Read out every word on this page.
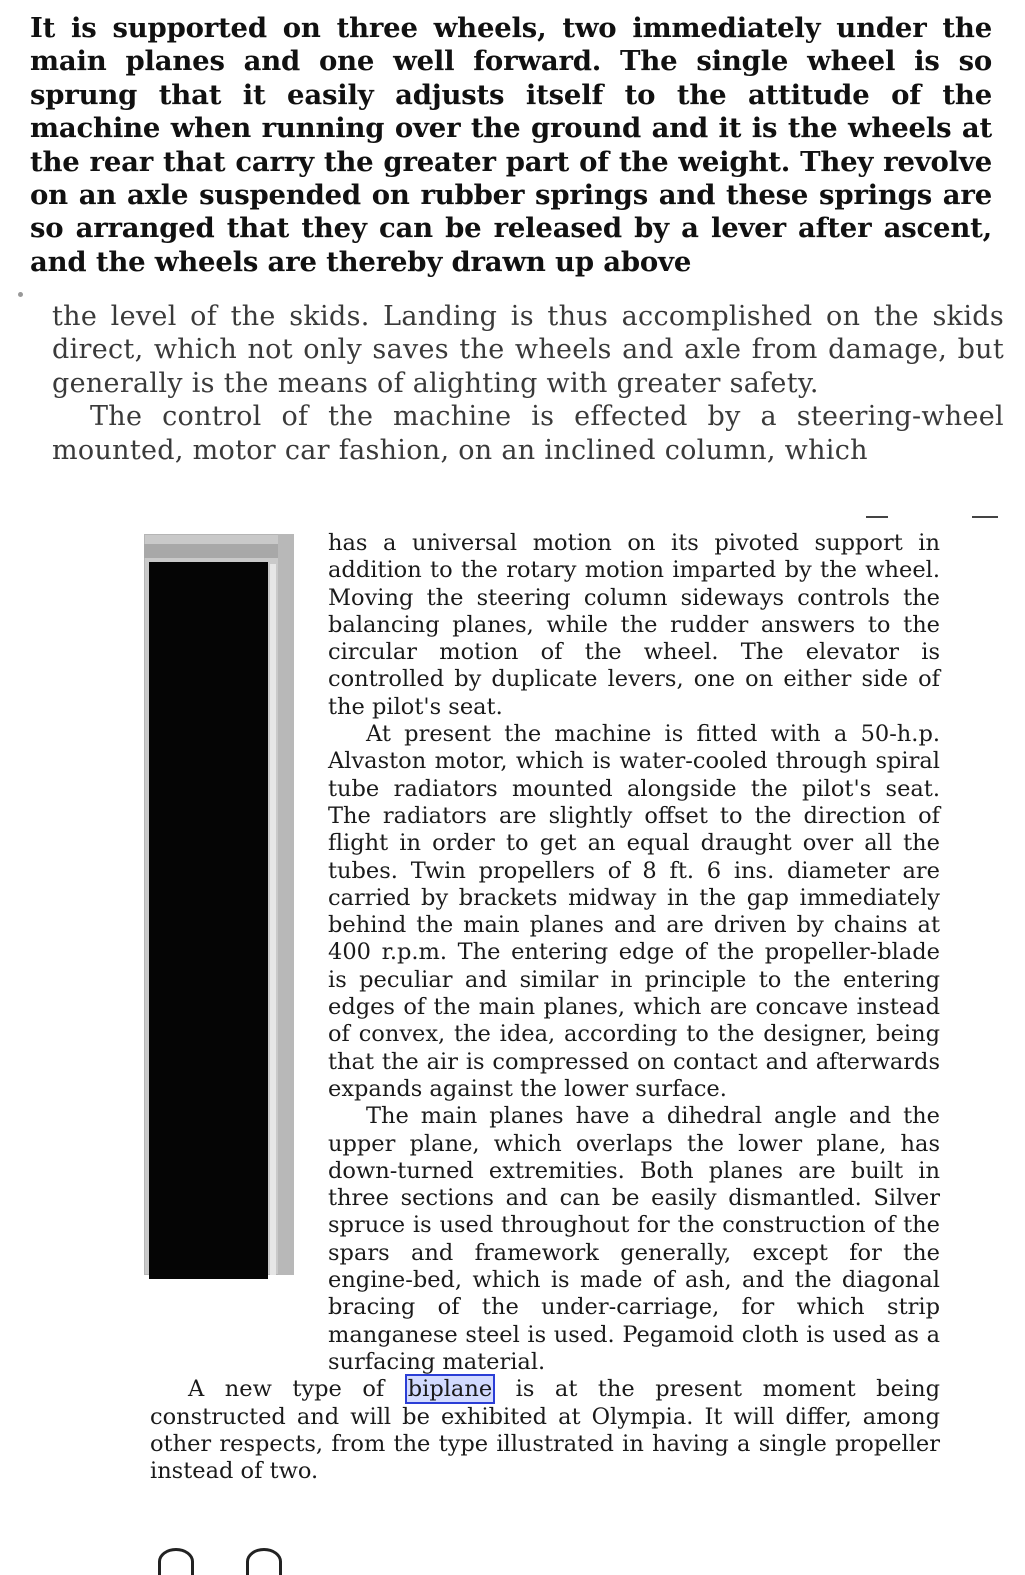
It is supported on three wheels, two immediately under the main planes and one well forward. The single wheel is so sprung that it easily adjusts itself to the attitude of the machine when running over the ground and it is the wheels at the rear that carry the greater part of the weight. They revolve on an axle suspended on rubber springs and these springs are so arranged that they can be released by a lever after ascent, and the wheels are thereby drawn up above

the level of the skids. Landing is thus accomplished on the skids direct, which not only saves the wheels and axle from damage, but generally is the means of alighting with greater safety.

The control of the machine is effected by a steering-wheel mounted, motor car fashion, on an inclined column, which

has a universal motion on its pivoted support in addition to the rotary motion imparted by the wheel. Moving the steering column sideways controls the balancing planes, while the rudder answers to the circular motion of the wheel. The elevator is controlled by duplicate levers, one on either side of the pilot's seat.

At present the machine is fitted with a 50-h.p. Alvaston motor, which is water-cooled through spiral tube radiators mounted alongside the pilot's seat. The radiators are slightly offset to the direction of flight in order to get an equal draught over all the tubes. Twin propellers of 8 ft. 6 ins. diameter are carried by brackets midway in the gap immediately behind the main planes and are driven by chains at 400 r.p.m. The entering edge of the propeller-blade is peculiar and similar in principle to the entering edges of the main planes, which are concave instead of convex, the idea, according to the designer, being that the air is compressed on contact and afterwards expands against the lower surface.

The main planes have a dihedral angle and the upper plane, which overlaps the lower plane, has down-turned extremities. Both planes are built in three sections and can be easily dismantled. Silver spruce is used throughout for the construction of the spars and framework generally, except for the engine-bed, which is made of ash, and the diagonal bracing of the under-carriage, for which strip manganese steel is used. Pegamoid cloth is used as a surfacing material.

A new type of biplane is at the present moment being constructed and will be exhibited at Olympia. It will differ, among other respects, from the type illustrated in having a single propeller instead of two.
